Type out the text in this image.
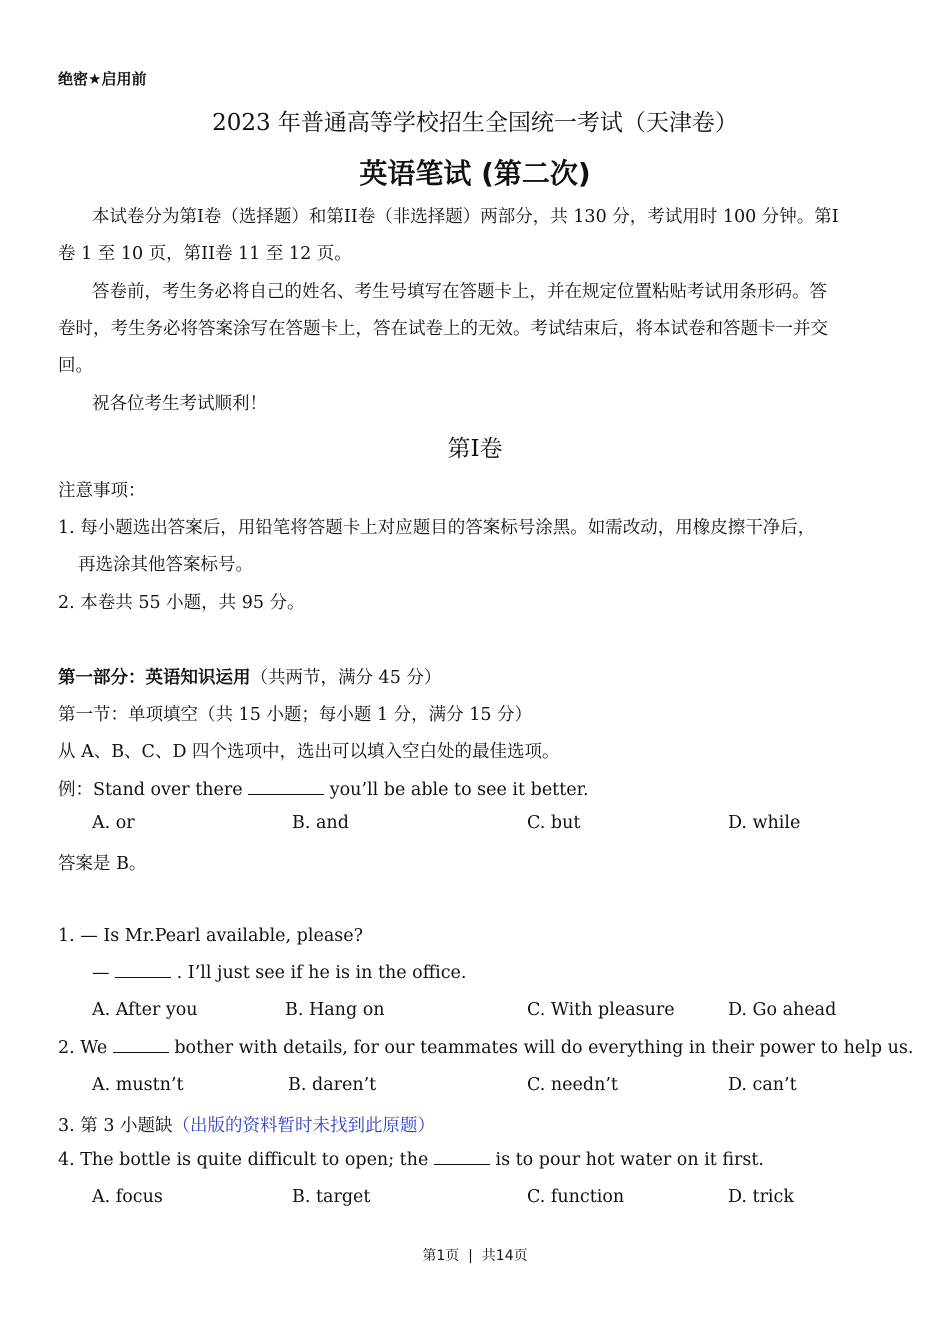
绝密★启用前
2023 年普通高等学校招生全国统一考试（天津卷）
英语笔试 (第二次)
本试卷分为第I卷（选择题）和第II卷（非选择题）两部分，共 130 分，考试用时 100 分钟。第I
卷 1 至 10 页，第II卷 11 至 12 页。
答卷前，考生务必将自己的姓名、考生号填写在答题卡上，并在规定位置粘贴考试用条形码。答
卷时，考生务必将答案涂写在答题卡上，答在试卷上的无效。考试结束后，将本试卷和答题卡一并交
回。
祝各位考生考试顺利！
第I卷
注意事项：
1. 每小题选出答案后，用铅笔将答题卡上对应题目的答案标号涂黑。如需改动，用橡皮擦干净后，
再选涂其他答案标号。
2. 本卷共 55 小题，共 95 分。
第一部分：英语知识运用（共两节，满分 45 分）
第一节：单项填空（共 15 小题；每小题 1 分，满分 15 分）
从 A、B、C、D 四个选项中，选出可以填入空白处的最佳选项。
例：Stand over there	you’ll be able to see it better.
A. or	B. and	C. but	D. while
答案是 B。
1. — Is Mr.Pearl available, please?
—	. I’ll just see if he is in the office.
A. After you	B. Hang on	C. With pleasure	D. Go ahead
2. We	bother with details, for our teammates will do everything in their power to help us.
A. mustn’t	B. daren’t	C. needn’t	D. can’t
3. 第 3 小题缺（出版的资料暂时未找到此原题）
4. The bottle is quite difficult to open; the	is to pour hot water on it first.
A. focus	B. target	C. function	D. trick
第1页  |  共14页
